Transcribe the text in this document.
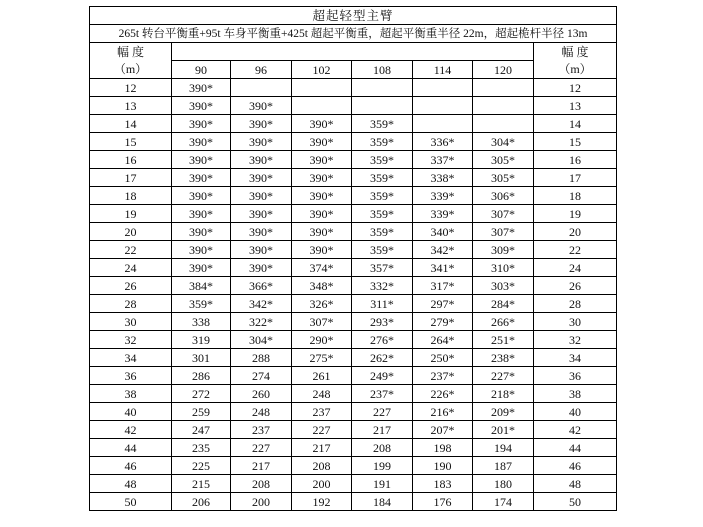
超起轻型主臂							
265t 转台平衡重+95t 车身平衡重+425t 超起平衡重，超起平衡重半径 22m，超起桅杆半径 13m							
幅 度							幅 度
（m）	90	96	102	108	114	120	（m）
12	390*						12
13	390*	390*					13
14	390*	390*	390*	359*			14
15	390*	390*	390*	359*	336*	304*	15
16	390*	390*	390*	359*	337*	305*	16
17	390*	390*	390*	359*	338*	305*	17
18	390*	390*	390*	359*	339*	306*	18
19	390*	390*	390*	359*	339*	307*	19
20	390*	390*	390*	359*	340*	307*	20
22	390*	390*	390*	359*	342*	309*	22
24	390*	390*	374*	357*	341*	310*	24
26	384*	366*	348*	332*	317*	303*	26
28	359*	342*	326*	311*	297*	284*	28
30	338	322*	307*	293*	279*	266*	30
32	319	304*	290*	276*	264*	251*	32
34	301	288	275*	262*	250*	238*	34
36	286	274	261	249*	237*	227*	36
38	272	260	248	237*	226*	218*	38
40	259	248	237	227	216*	209*	40
42	247	237	227	217	207*	201*	42
44	235	227	217	208	198	194	44
46	225	217	208	199	190	187	46
48	215	208	200	191	183	180	48
50	206	200	192	184	176	174	50
